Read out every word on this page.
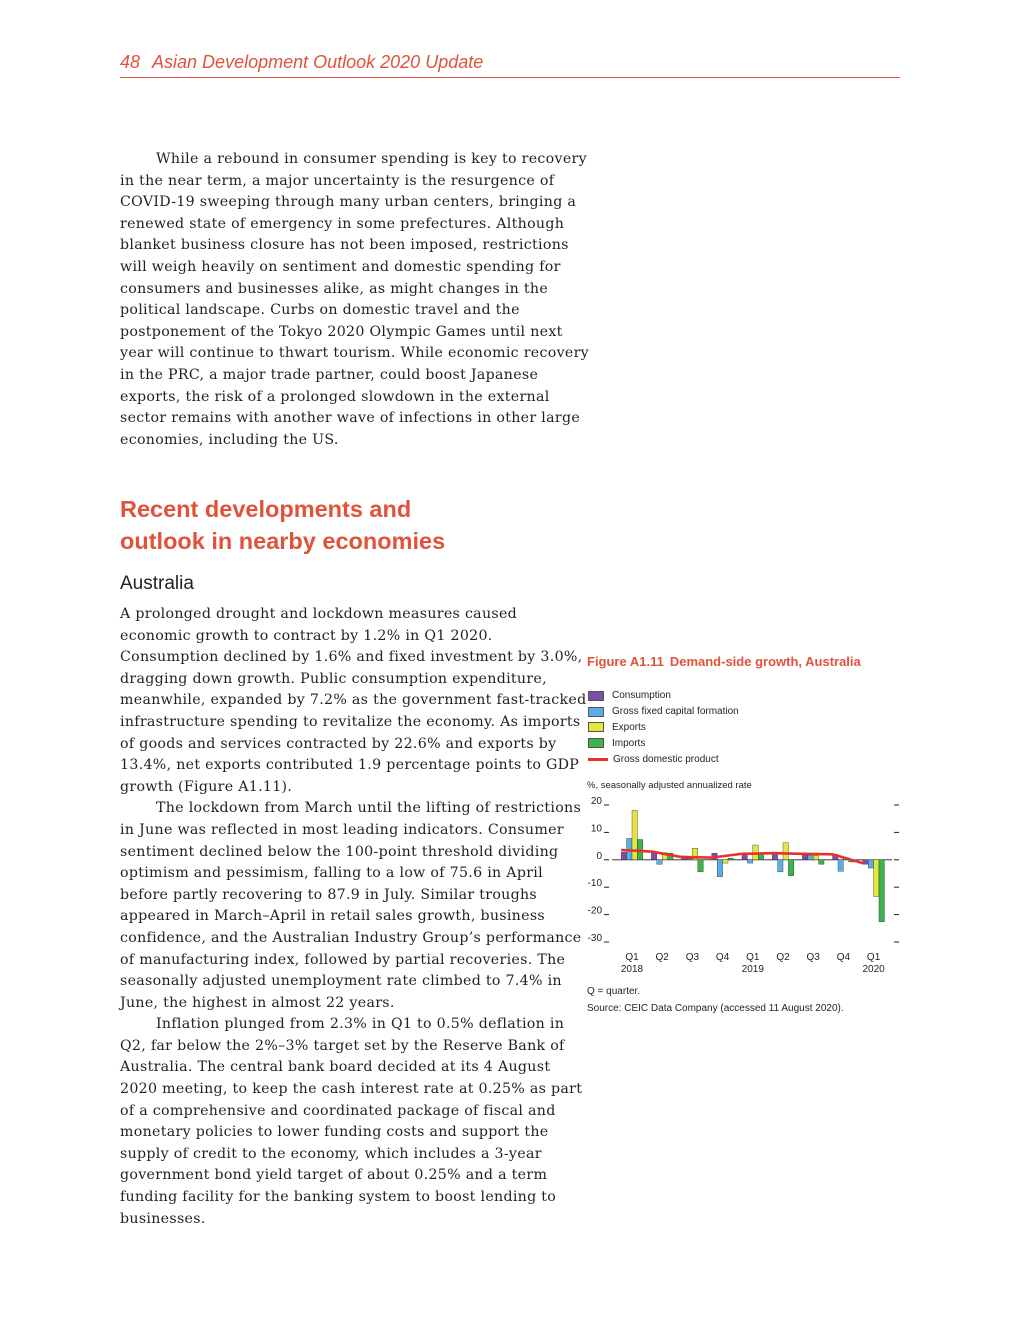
48 Asian Development Outlook 2020 Update

While a rebound in consumer spending is key to recovery in the near term, a major uncertainty is the resurgence of COVID-19 sweeping through many urban centers, bringing a renewed state of emergency in some prefectures. Although blanket business closure has not been imposed, restrictions will weigh heavily on sentiment and domestic spending for consumers and businesses alike, as might changes in the political landscape. Curbs on domestic travel and the postponement of the Tokyo 2020 Olympic Games until next year will continue to thwart tourism. While economic recovery in the PRC, a major trade partner, could boost Japanese exports, the risk of a prolonged slowdown in the external sector remains with another wave of infections in other large economies, including the US.

Recent developments and
outlook in nearby economies
Australia

A prolonged drought and lockdown measures caused economic growth to contract by 1.2% in Q1 2020. Consumption declined by 1.6% and fixed investment by 3.0%, dragging down growth. Public consumption expenditure, meanwhile, expanded by 7.2% as the government fast-tracked infrastructure spending to revitalize the economy. As imports of goods and services contracted by 22.6% and exports by 13.4%, net exports contributed 1.9 percentage points to GDP growth (Figure A1.11).

The lockdown from March until the lifting of restrictions in June was reflected in most leading indicators. Consumer sentiment declined below the 100-point threshold dividing optimism and pessimism, falling to a low of 75.6 in April before partly recovering to 87.9 in July. Similar troughs appeared in March–April in retail sales growth, business confidence, and the Australian Industry Group’s performance of manufacturing index, followed by partial recoveries. The seasonally adjusted unemployment rate climbed to 7.4% in June, the highest in almost 22 years.

Inflation plunged from 2.3% in Q1 to 0.5% deflation in Q2, far below the 2%–3% target set by the Reserve Bank of Australia. The central bank board decided at its 4 August 2020 meeting, to keep the cash interest rate at 0.25% as part of a comprehensive and coordinated package of fiscal and monetary policies to lower funding costs and support the supply of credit to the economy, which includes a 3-year government bond yield target of about 0.25% and a term funding facility for the banking system to boost lending to businesses.

Figure A1.11 Demand-side growth, Australia
Consumption
Gross fixed capital formation
Exports
Imports
Gross domestic product
%, seasonally adjusted annualized rate
20
10
0
-10
-20
-30
Q1 Q2 Q3 Q4 Q1 Q2 Q3 Q4 Q1
2018	2019	2020
Q = quarter.
Source: CEIC Data Company (accessed 11 August 2020).
